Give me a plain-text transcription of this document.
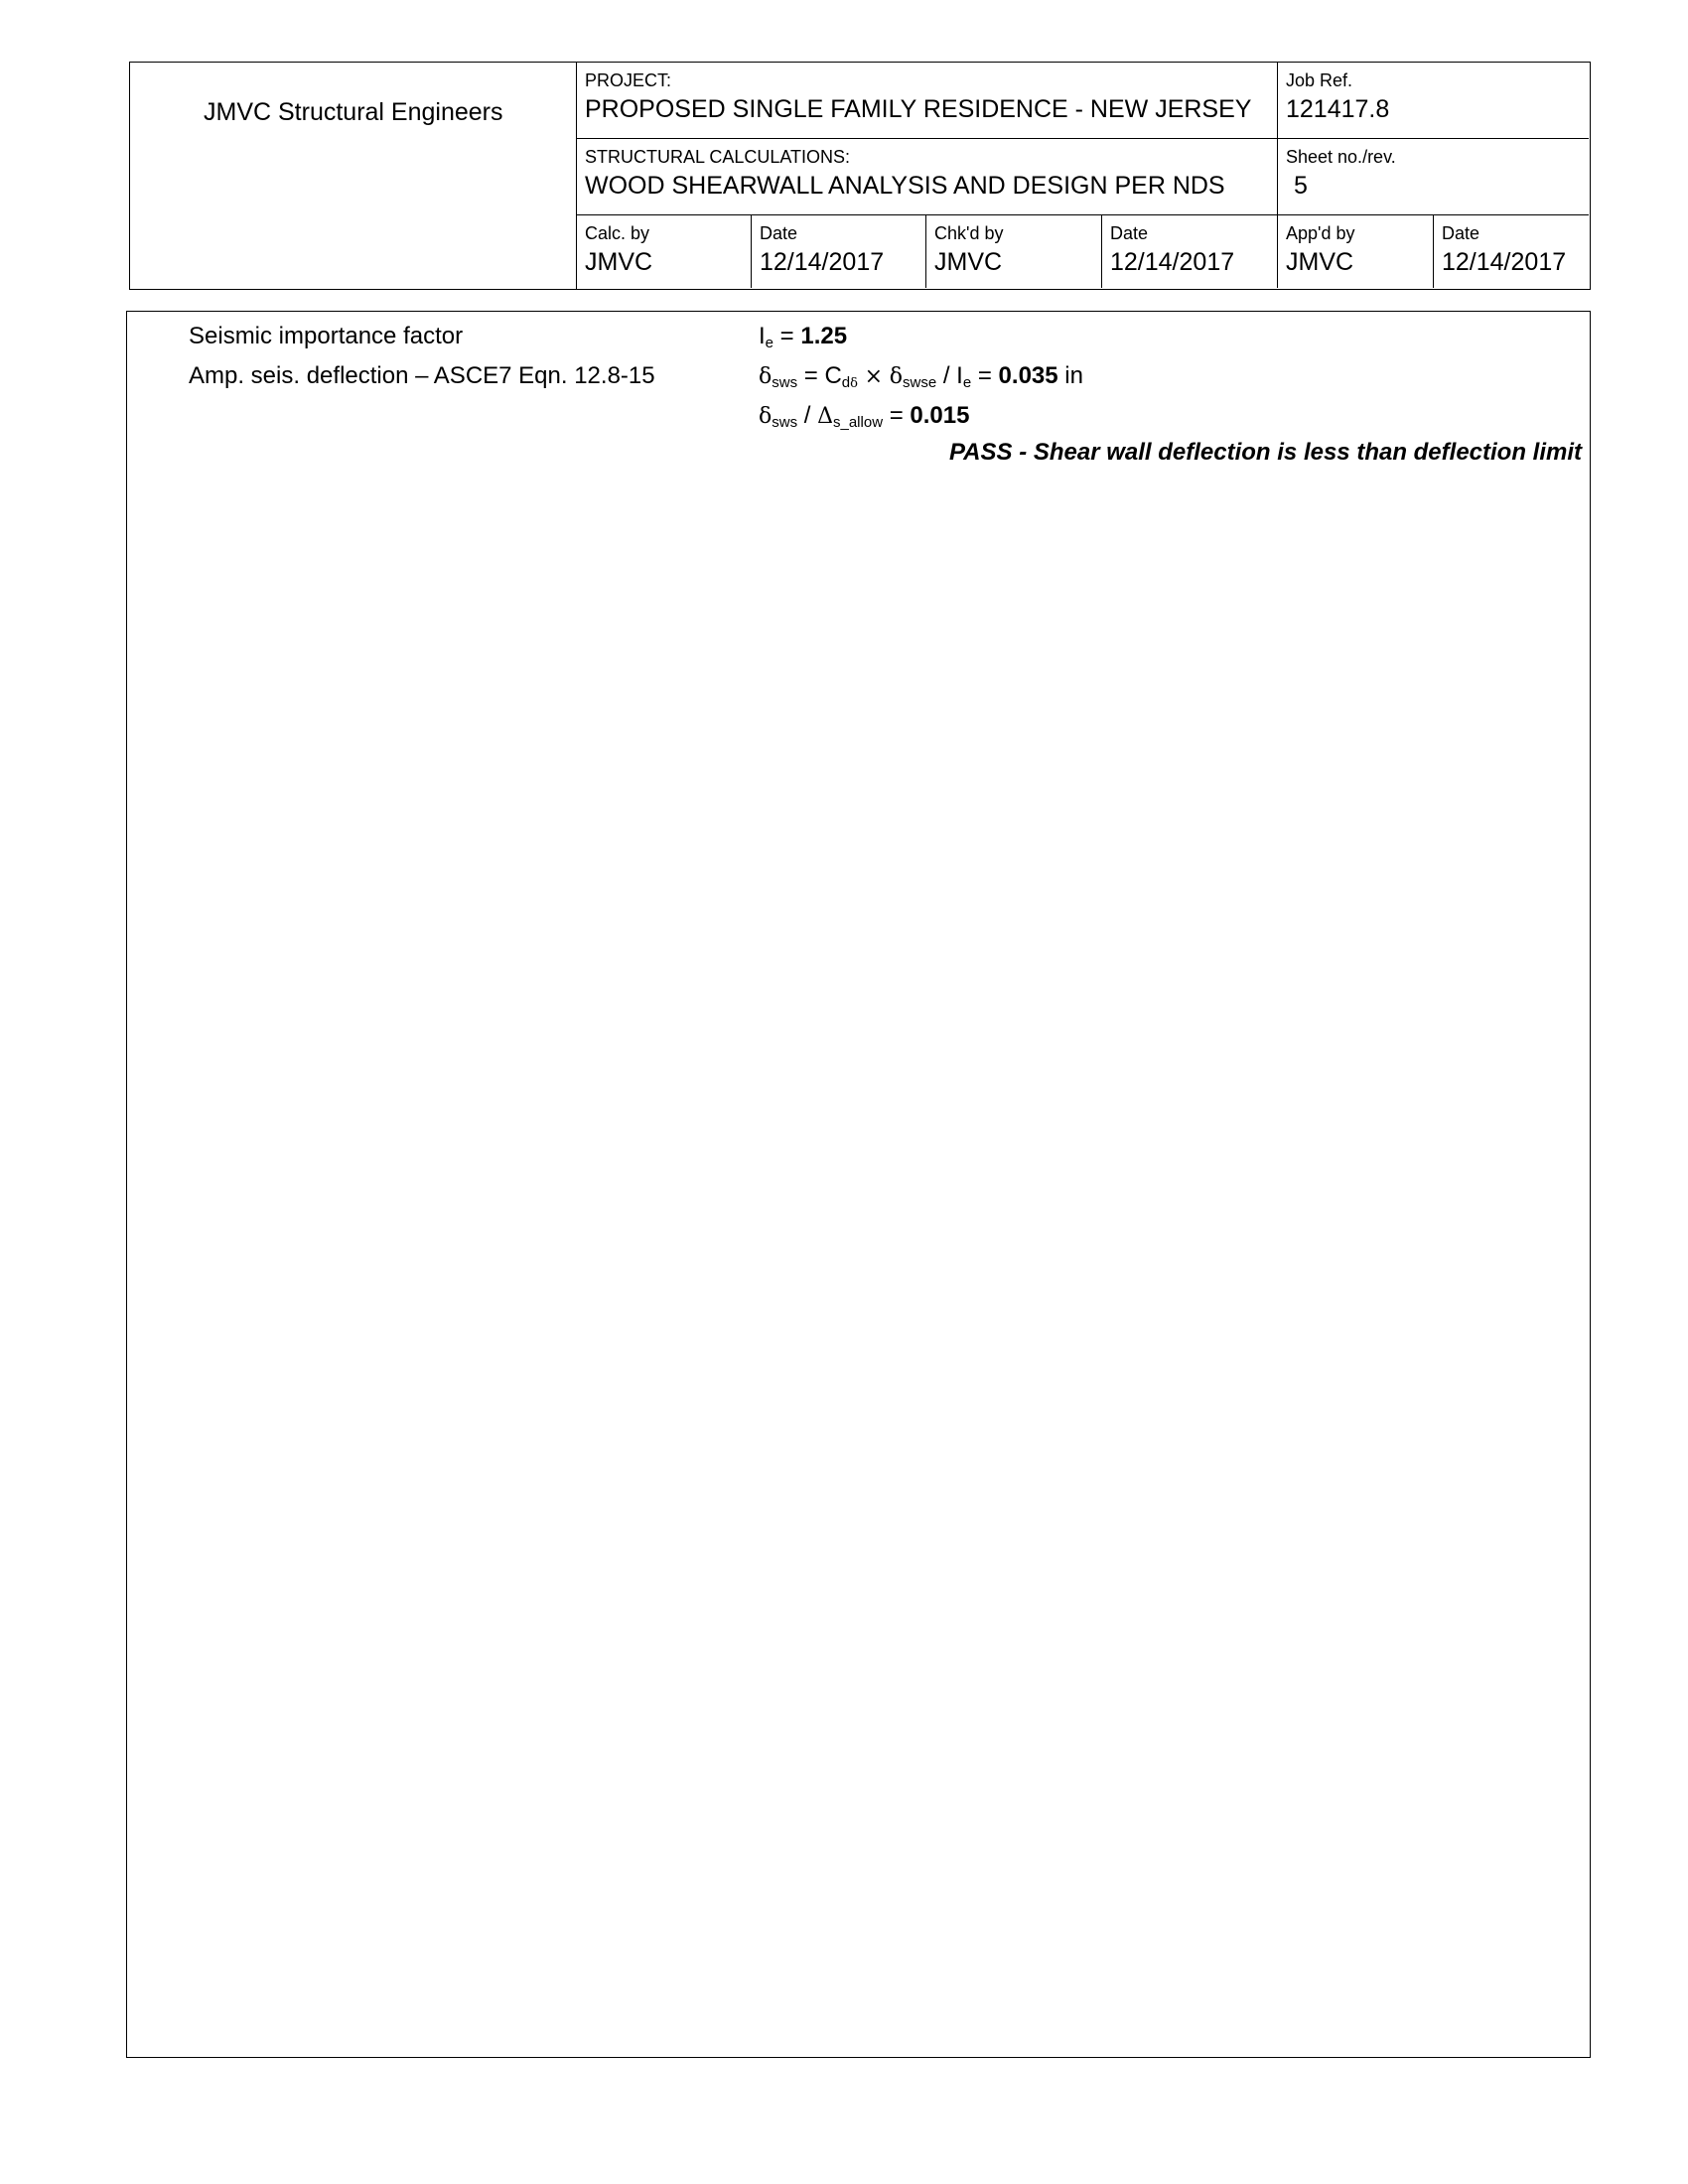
JMVC Structural Engineers
PROJECT:
PROPOSED SINGLE FAMILY RESIDENCE - NEW JERSEY
Job Ref.
121417.8
STRUCTURAL CALCULATIONS:
WOOD SHEARWALL ANALYSIS AND DESIGN PER NDS
Sheet no./rev.
5
Calc. by
JMVC
Date
12/14/2017
Chk'd by
JMVC
Date
12/14/2017
App'd by
JMVC
Date
12/14/2017
Seismic importance factor	$I_e = 1.25$
Amp. seis. deflection – ASCE7 Eqn. 12.8-15	$\delta_{sws} = C_{d\delta} \times \delta_{swse} / I_e = 0.035$ in
$\delta_{sws} / \Delta_{s\_allow} = 0.015$
PASS - Shear wall deflection is less than deflection limit
